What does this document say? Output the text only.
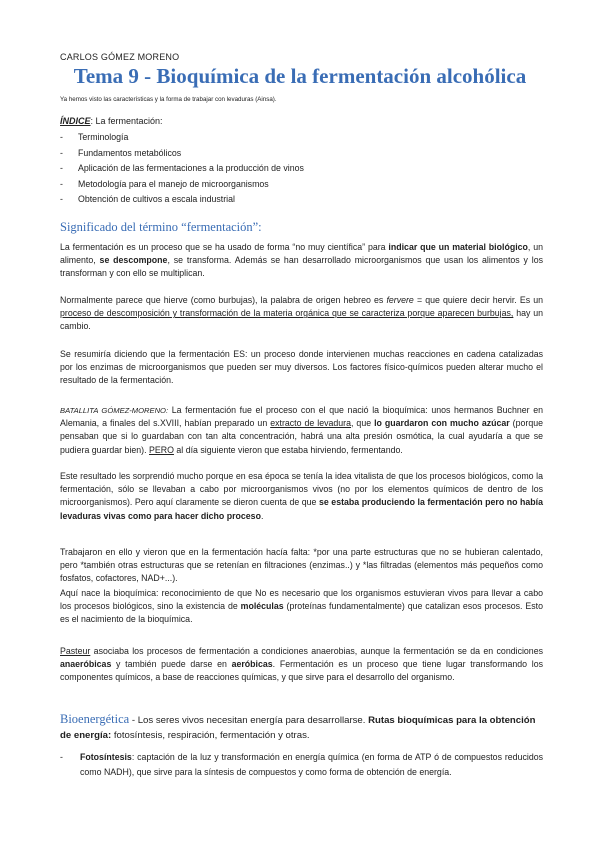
CARLOS GÓMEZ MORENO
Tema 9 - Bioquímica de la fermentación alcohólica
Ya hemos visto las características y la forma de trabajar con levaduras (Ainsa).
ÍNDICE: La fermentación:
- Terminología
- Fundamentos metabólicos
- Aplicación de las fermentaciones a la producción de vinos
- Metodología para el manejo de microorganismos
- Obtención de cultivos a escala industrial
Significado del término “fermentación”:

La fermentación es un proceso que se ha usado de forma “no muy científica” para indicar que un material biológico, un alimento, se descompone, se transforma. Además se han desarrollado microorganismos que usan los alimentos y los transforman y con ello se multiplican.

Normalmente parece que hierve (como burbujas), la palabra de origen hebreo es fervere = que quiere decir hervir. Es un proceso de descomposición y transformación de la materia orgánica que se caracteriza porque aparecen burbujas, hay un cambio.

Se resumiría diciendo que la fermentación ES: un proceso donde intervienen muchas reacciones en cadena catalizadas por los enzimas de microorganismos que pueden ser muy diversos. Los factores físico-químicos pueden alterar mucho el resultado de la fermentación.

BATALLITA GÓMEZ-MORENO: La fermentación fue el proceso con el que nació la bioquímica: unos hermanos Buchner en Alemania, a finales del s.XVIII, habían preparado un extracto de levadura, que lo guardaron con mucho azúcar (porque pensaban que si lo guardaban con tan alta concentración, habrá una alta presión osmótica, la cual ayudaría a que se pudiera guardar bien). PERO al día siguiente vieron que estaba hirviendo, fermentando.

Este resultado les sorprendió mucho porque en esa época se tenía la idea vitalista de que los procesos biológicos, como la fermentación, sólo se llevaban a cabo por microorganismos vivos (no por los elementos químicos de dentro de los microorganismos). Pero aquí claramente se dieron cuenta de que se estaba produciendo la fermentación pero no había levaduras vivas como para hacer dicho proceso.

Trabajaron en ello y vieron que en la fermentación hacía falta: *por una parte estructuras que no se hubieran calentado, pero *también otras estructuras que se retenían en filtraciones (enzimas..) y *las filtradas (elementos más pequeños como fosfatos, cofactores, NAD+...).

Aquí nace la bioquímica: reconocimiento de que No es necesario que los organismos estuvieran vivos para llevar a cabo los procesos biológicos, sino la existencia de moléculas (proteínas fundamentalmente) que catalizan esos procesos. Esto es el nacimiento de la bioquímica.

Pasteur asociaba los procesos de fermentación a condiciones anaerobias, aunque la fermentación se da en condiciones anaeróbicas y también puede darse en aeróbicas. Fermentación es un proceso que tiene lugar transformando los componentes químicos, a base de reacciones químicas, y que sirve para el desarrollo del organismo.

Bioenergética - Los seres vivos necesitan energía para desarrollarse. Rutas bioquímicas para la obtención de energía: fotosíntesis, respiración, fermentación y otras.
- Fotosíntesis: captación de la luz y transformación en energía química (en forma de ATP ó de compuestos reducidos como NADH), que sirve para la síntesis de compuestos y como forma de obtención de energía.
